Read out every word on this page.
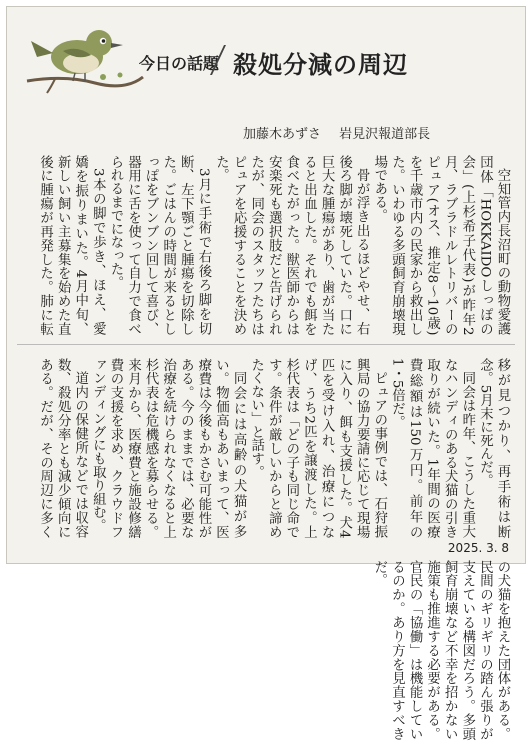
今日の話題 殺処分減の周辺
加藤木あずさ 岩見沢報道部長

空知管内長沼町の動物愛護団体「HOKKAIDOしっぽの会」(上杉希子代表)が昨年2月、ラブラドルレトリバーのピュア(オス、推定8～10歳)を千歳市内の民家から救出した。いわゆる多頭飼育崩壊現場である。

骨が浮き出るほどやせ、右後ろ脚が壊死していた。口に巨大な腫瘍があり、歯が当たると出血した。それでも餌を食べたがった。獣医師からは安楽死も選択肢だと告げられたが、同会のスタッフたちはピュアを応援することを決めた。

3月に手術で右後ろ脚を切断、左下顎ごと腫瘍を切除した。ごはんの時間が来るとしっぽをブンブン回して喜び、器用に舌を使って自力で食べられるまでになった。

3本の脚で歩き、ほえ、愛嬌を振りまいた。4月中旬、新しい飼い主募集を始めた直後に腫瘍が再発した。肺に転移が見つかり、再手術は断念。5月末に死んだ。

同会は昨年、こうした重大なハンディのある犬猫の引き取りが続いた。1年間の医療費総額は150万円。前年の1・5倍だ。

ピュアの事例では、石狩振興局の協力要請に応じて現場に入り、餌も支援した。犬4匹を受け入れ、治療につなげ、うち2匹を譲渡した。上杉代表は「どの子も同じ命です。条件が厳しいからと諦めたくない」と話す。

同会には高齢の犬猫が多い。物価高もあいまって、医療費は今後もかさむ可能性がある。今のままでは、必要な治療を続けられなくなると上杉代表は危機感を募らせる。来月から、医療費と施設修繕費の支援を求め、クラウドファンディングにも取り組む。

道内の保健所などでは収容数、殺処分率とも減少傾向にある。だが、その周辺に多くの犬猫を抱えた団体がある。民間のギリギリの踏ん張りが支えている構図だろう。多頭飼育崩壊など不幸を招かない施策も推進する必要がある。官民の「協働」は機能しているのか。あり方を見直すべきだ。

2025. 3. 8
